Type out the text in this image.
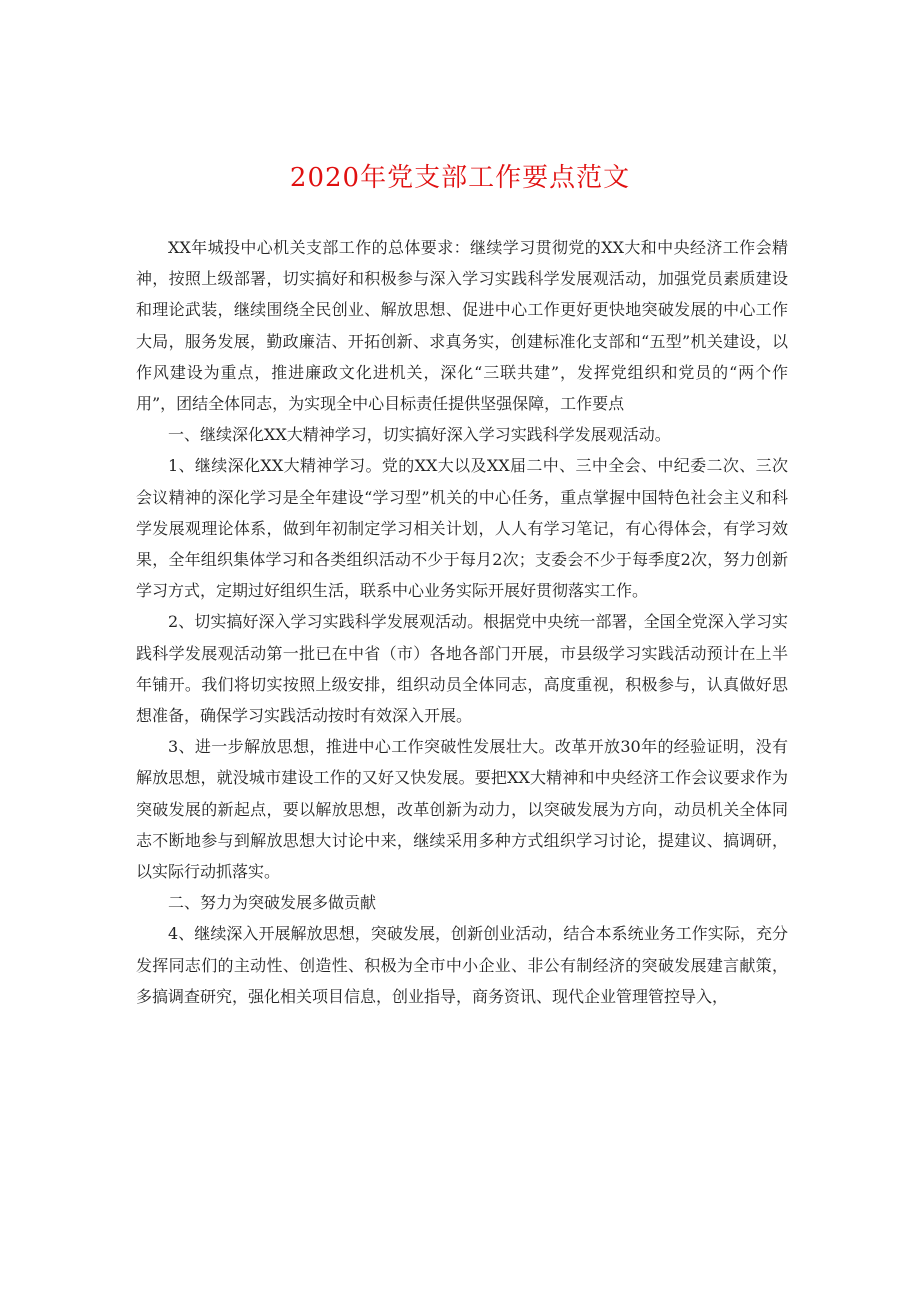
2020年党支部工作要点范文

XX年城投中心机关支部工作的总体要求：继续学习贯彻党的XX大和中央经济工作会精神，按照上级部署，切实搞好和积极参与深入学习实践科学发展观活动，加强党员素质建设和理论武装，继续围绕全民创业、解放思想、促进中心工作更好更快地突破发展的中心工作大局，服务发展，勤政廉洁、开拓创新、求真务实，创建标准化支部和“五型”机关建设，以作风建设为重点，推进廉政文化进机关，深化“三联共建”，发挥党组织和党员的“两个作用”，团结全体同志，为实现全中心目标责任提供坚强保障，工作要点

一、继续深化XX大精神学习，切实搞好深入学习实践科学发展观活动。

1、继续深化XX大精神学习。党的XX大以及XX届二中、三中全会、中纪委二次、三次会议精神的深化学习是全年建设“学习型”机关的中心任务，重点掌握中国特色社会主义和科学发展观理论体系，做到年初制定学习相关计划，人人有学习笔记，有心得体会，有学习效果，全年组织集体学习和各类组织活动不少于每月2次；支委会不少于每季度2次，努力创新学习方式，定期过好组织生活，联系中心业务实际开展好贯彻落实工作。

2、切实搞好深入学习实践科学发展观活动。根据党中央统一部署，全国全党深入学习实践科学发展观活动第一批已在中省（市）各地各部门开展，市县级学习实践活动预计在上半年铺开。我们将切实按照上级安排，组织动员全体同志，高度重视，积极参与，认真做好思想准备，确保学习实践活动按时有效深入开展。

3、进一步解放思想，推进中心工作突破性发展壮大。改革开放30年的经验证明，没有解放思想，就没城市建设工作的又好又快发展。要把XX大精神和中央经济工作会议要求作为突破发展的新起点，要以解放思想，改革创新为动力，以突破发展为方向，动员机关全体同志不断地参与到解放思想大讨论中来，继续采用多种方式组织学习讨论，提建议、搞调研，以实际行动抓落实。

二、努力为突破发展多做贡献

4、继续深入开展解放思想，突破发展，创新创业活动，结合本系统业务工作实际，充分发挥同志们的主动性、创造性、积极为全市中小企业、非公有制经济的突破发展建言献策，多搞调查研究，强化相关项目信息，创业指导，商务资讯、现代企业管理管控导入，
